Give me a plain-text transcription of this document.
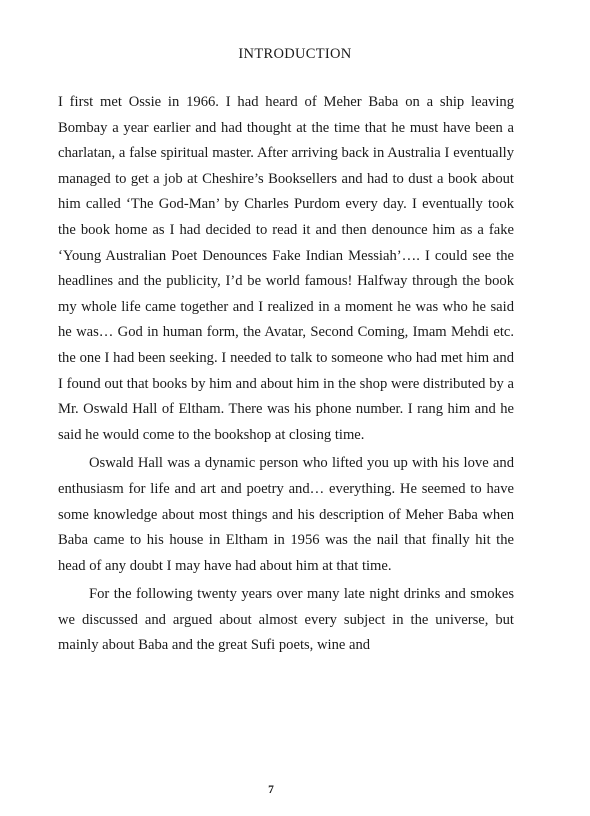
INTRODUCTION

I first met Ossie in 1966. I had heard of Meher Baba on a ship leaving Bombay a year earlier and had thought at the time that he must have been a charlatan, a false spiritual master. After arriving back in Australia I eventually managed to get a job at Cheshire’s Booksellers and had to dust a book about him called ‘The God-Man’ by Charles Purdom every day. I eventually took the book home as I had decided to read it and then denounce him as a fake ‘Young Australian Poet Denounces Fake Indian Messiah’…. I could see the headlines and the publicity, I’d be world famous! Halfway through the book my whole life came together and I realized in a moment he was who he said he was… God in human form, the Avatar, Second Coming, Imam Mehdi etc. the one I had been seeking. I needed to talk to someone who had met him and I found out that books by him and about him in the shop were distributed by a Mr. Oswald Hall of Eltham. There was his phone number. I rang him and he said he would come to the bookshop at closing time.

Oswald Hall was a dynamic person who lifted you up with his love and enthusiasm for life and art and poetry and… everything. He seemed to have some knowledge about most things and his description of Meher Baba when Baba came to his house in Eltham in 1956 was the nail that finally hit the head of any doubt I may have had about him at that time.

For the following twenty years over many late night drinks and smokes we discussed and argued about almost every subject in the universe, but mainly about Baba and the great Sufi poets, wine and

7
